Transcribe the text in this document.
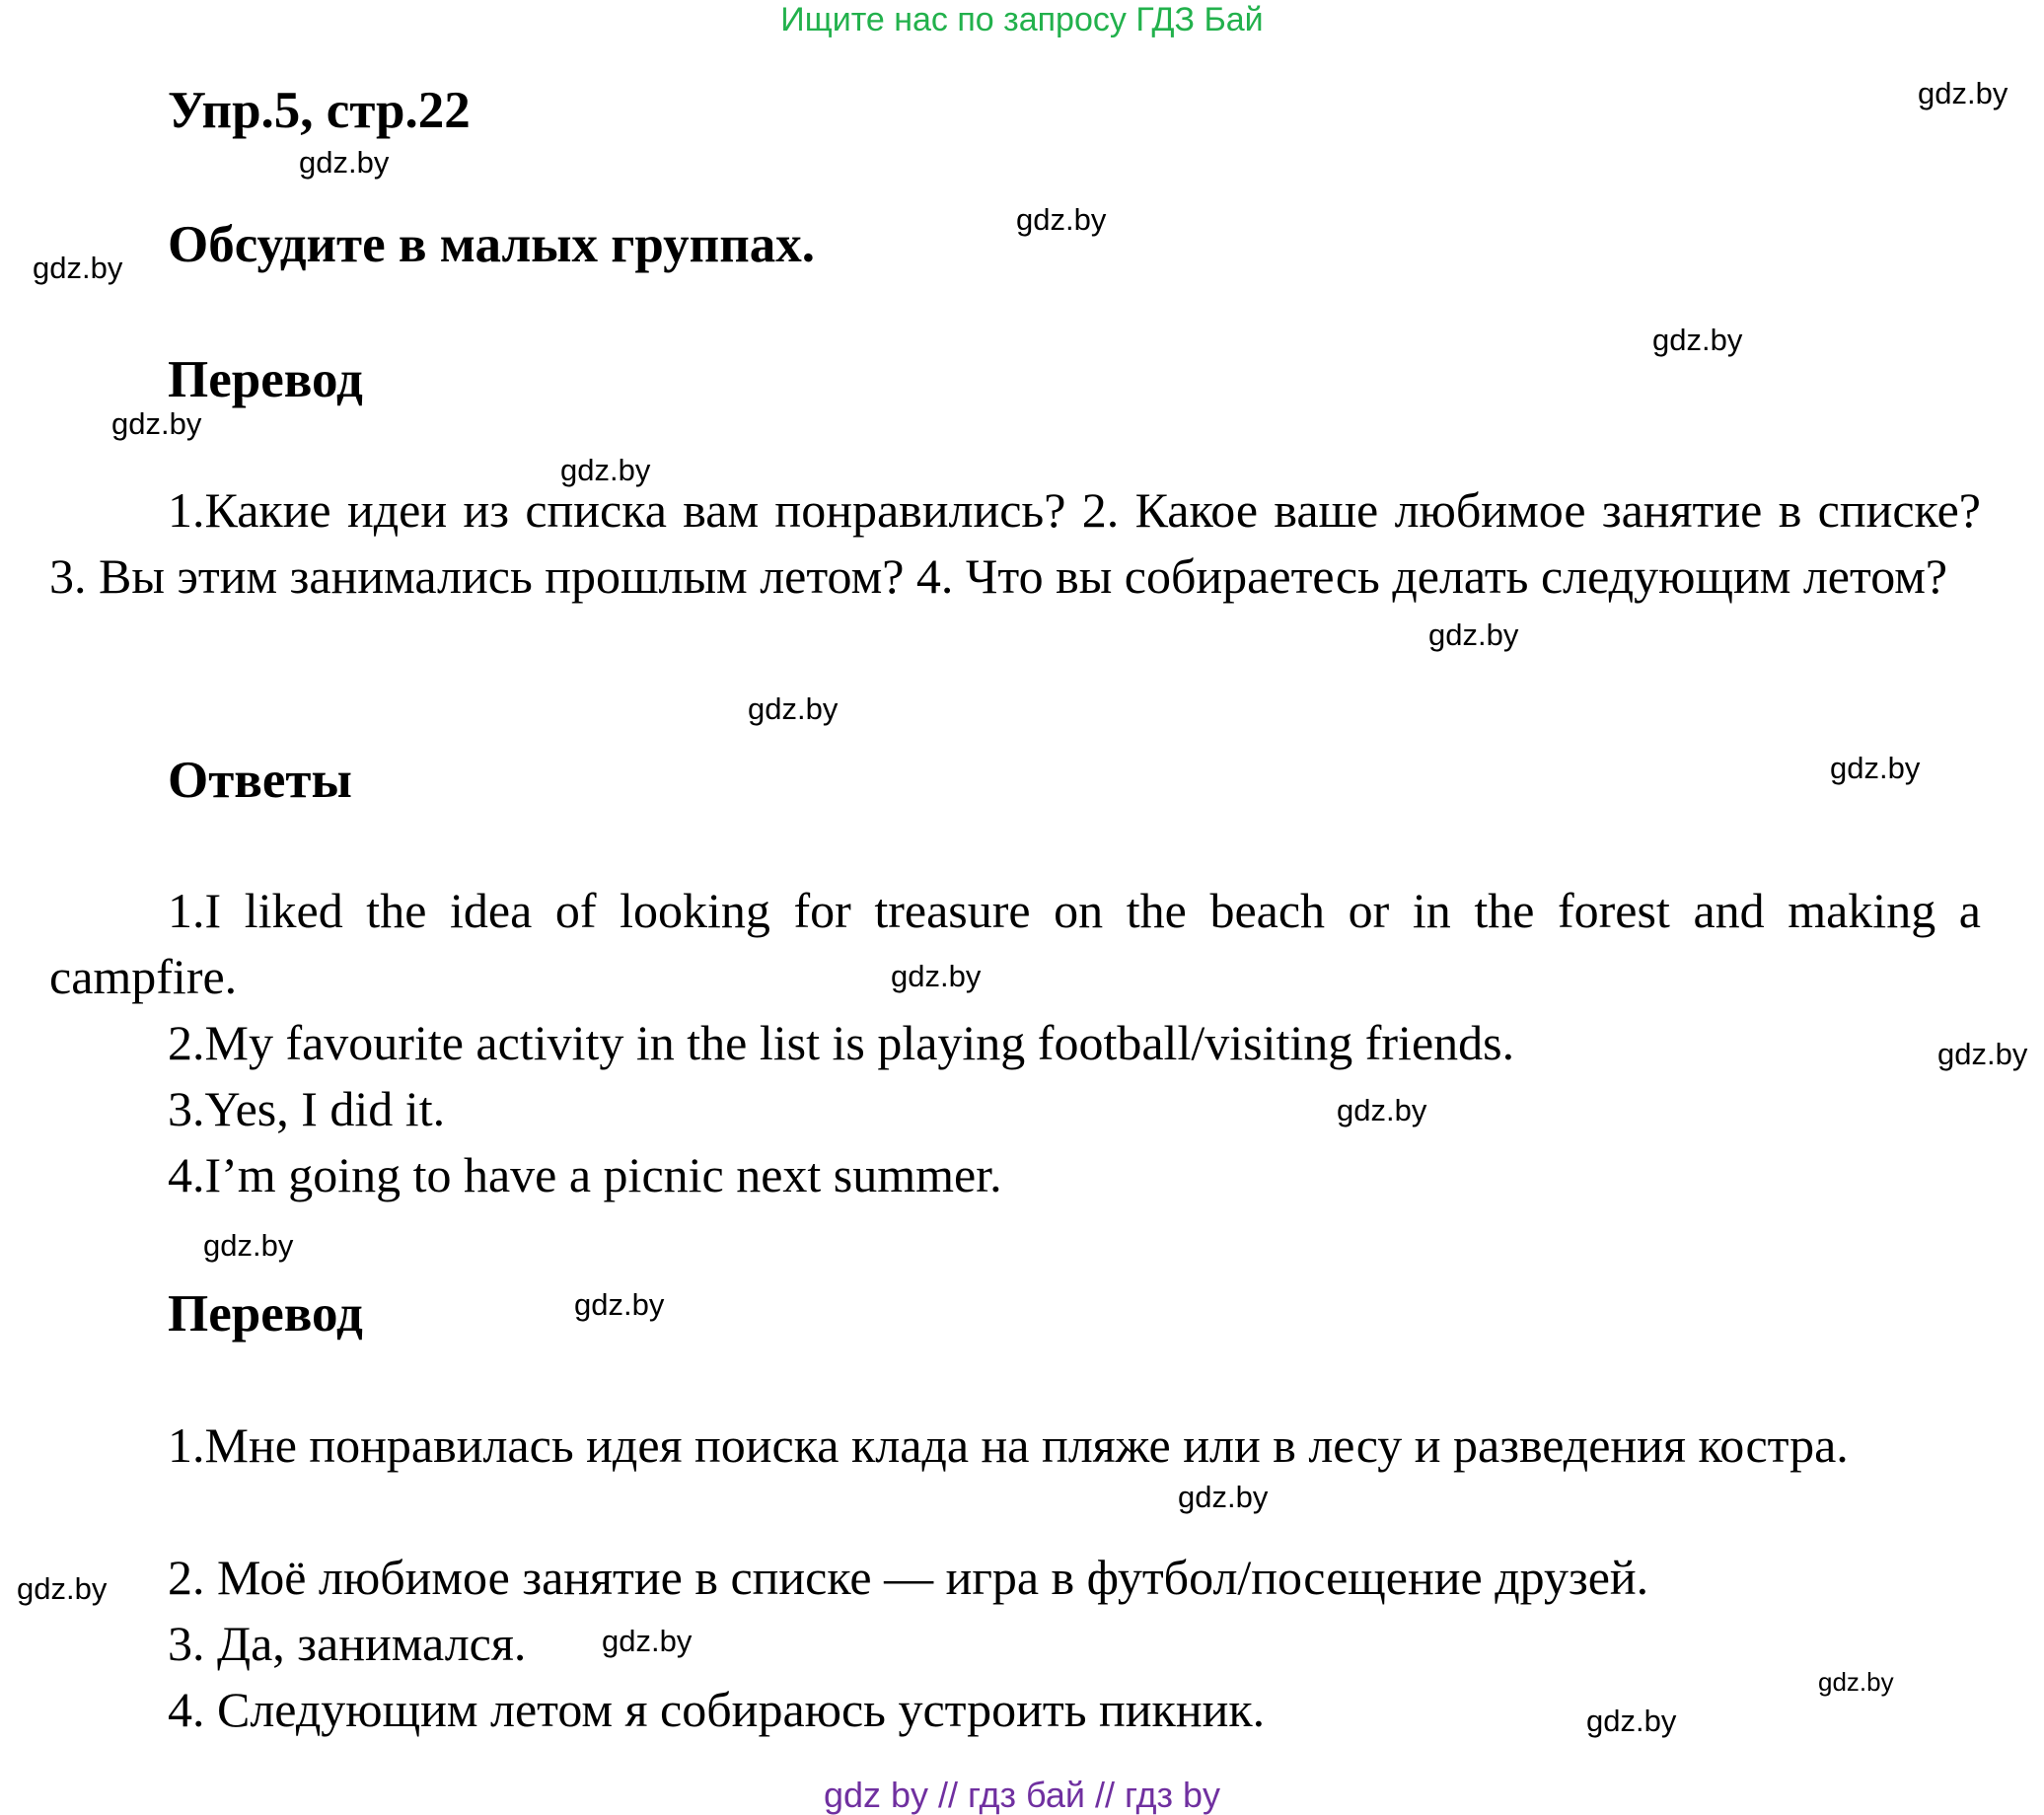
Ищите нас по запросу ГДЗ Бай
Упр.5, стр.22
Обсудите в малых группах.
Перевод

1.Какие идеи из списка вам понравились? 2. Какое ваше любимое занятие в списке? 3. Вы этим занимались прошлым летом? 4. Что вы собираетесь делать следующим летом?

Ответы

1.I liked the idea of looking for treasure on the beach or in the forest and making a campfire.

2.My favourite activity in the list is playing football/visiting friends.
3.Yes, I did it.
4.I’m going to have a picnic next summer.
Перевод

1.Мне понравилась идея поиска клада на пляже или в лесу и разведения костра.

2. Моё любимое занятие в списке — игра в футбол/посещение друзей.
3. Да, занимался.
4. Следующим летом я собираюсь устроить пикник.
gdz.by
gdz.by
gdz.by
gdz.by
gdz.by
gdz.by
gdz.by
gdz.by
gdz.by
gdz.by
gdz.by
gdz.by
gdz.by
gdz.by
gdz.by
gdz.by
gdz.by
gdz.by
gdz.by
gdz.by
gdz by // гдз бай // гдз by
